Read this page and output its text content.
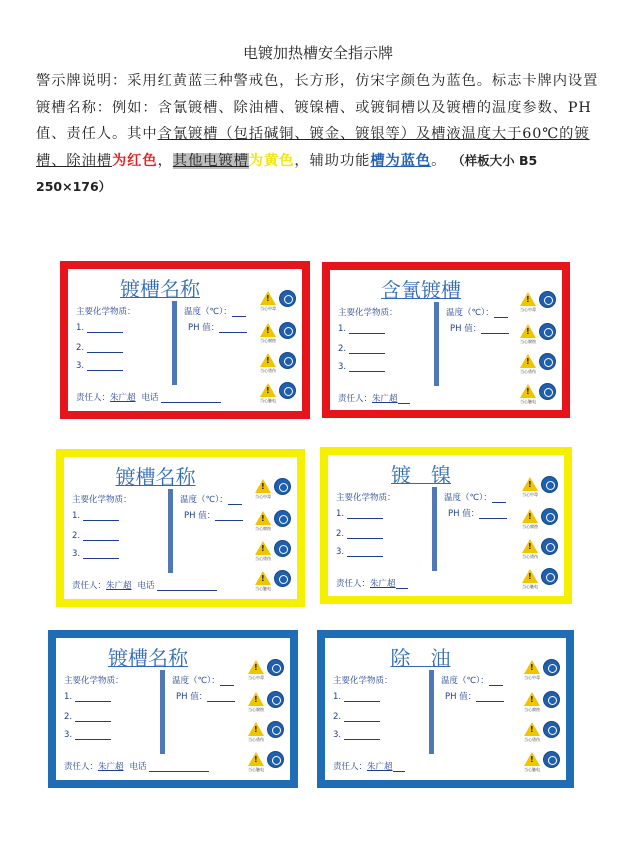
电镀加热槽安全指示牌
警示牌说明：采用红黄蓝三种警戒色，长方形，仿宋字颜色为蓝色。标志卡牌内设置镀槽名称：例如：含氰镀槽、除油槽、镀镍槽、或镀铜槽以及镀槽的温度参数、PH值、责任人。其中含氰镀槽（包括碱铜、镀金、镀银等）及槽液温度大于60℃的镀槽、除油槽为红色，其他电镀槽为黄色，辅助功能槽为蓝色。 （样板大小 B5　250×176）
镀槽名称
主要化学物质：
1.
2.
3.
温度（℃）：
PH 值：
责任人：朱广超 电话
!
当心中毒
!
当心腐蚀
!
当心烫伤
!
当心触电
含氰镀槽
主要化学物质：
1.
2.
3.
温度（℃）：
PH 值：
责任人：朱广超
!
当心中毒
!
当心腐蚀
!
当心烫伤
!
当心触电
镀槽名称
主要化学物质：
1.
2.
3.
温度（℃）：
PH 值：
责任人：朱广超 电话
!
当心中毒
!
当心腐蚀
!
当心烫伤
!
当心触电
镀　镍
主要化学物质：
1.
2.
3.
温度（℃）：
PH 值：
责任人：朱广超
!
当心中毒
!
当心腐蚀
!
当心烫伤
!
当心触电
镀槽名称
主要化学物质：
1.
2.
3.
温度（℃）：
PH 值：
责任人：朱广超 电话
!
当心中毒
!
当心腐蚀
!
当心烫伤
!
当心触电
除　油
主要化学物质：
1.
2.
3.
温度（℃）：
PH 值：
责任人：朱广超
!
当心中毒
!
当心腐蚀
!
当心烫伤
!
当心触电
